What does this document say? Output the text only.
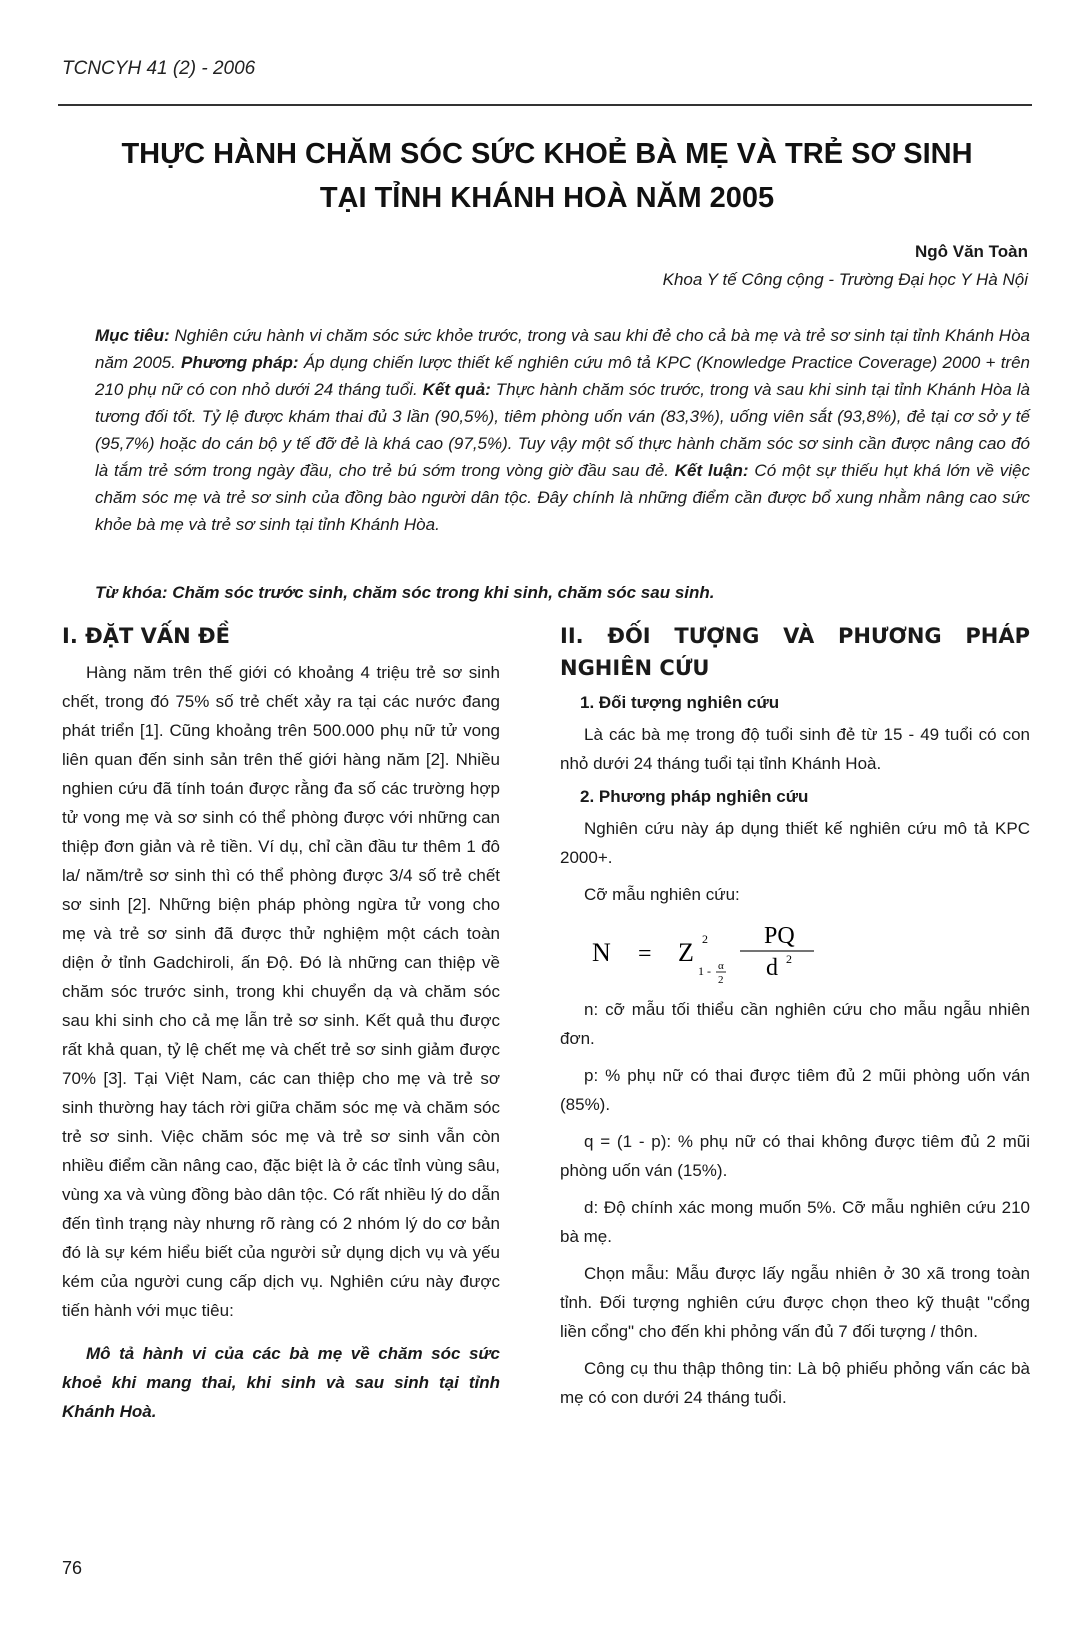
TCNCYH 41 (2) - 2006
THỰC HÀNH CHĂM SÓC SỨC KHOẺ BÀ MẸ VÀ TRẺ SƠ SINH
TẠI TỈNH KHÁNH HOÀ NĂM 2005
Ngô Văn Toàn
Khoa Y tế Công cộng - Trường Đại học Y Hà Nội
Mục tiêu: Nghiên cứu hành vi chăm sóc sức khỏe trước, trong và sau khi đẻ cho cả bà mẹ và trẻ sơ sinh tại tỉnh Khánh Hòa năm 2005. Phương pháp: Áp dụng chiến lược thiết kế nghiên cứu mô tả KPC (Knowledge Practice Coverage) 2000 + trên 210 phụ nữ có con nhỏ dưới 24 tháng tuổi. Kết quả: Thực hành chăm sóc trước, trong và sau khi sinh tại tỉnh Khánh Hòa là tương đối tốt. Tỷ lệ được khám thai đủ 3 lần (90,5%), tiêm phòng uốn ván (83,3%), uống viên sắt (93,8%), đẻ tại cơ sở y tế (95,7%) hoặc do cán bộ y tế đỡ đẻ là khá cao (97,5%). Tuy vậy một số thực hành chăm sóc sơ sinh cần được nâng cao đó là tắm trẻ sớm trong ngày đầu, cho trẻ bú sớm trong vòng giờ đầu sau đẻ. Kết luận: Có một sự thiếu hụt khá lớn về việc chăm sóc mẹ và trẻ sơ sinh của đồng bào người dân tộc. Đây chính là những điểm cần được bổ xung nhằm nâng cao sức khỏe bà mẹ và trẻ sơ sinh tại tỉnh Khánh Hòa.
Từ khóa: Chăm sóc trước sinh, chăm sóc trong khi sinh, chăm sóc sau sinh.
I. ĐẶT VẤN ĐỀ

Hàng năm trên thế giới có khoảng 4 triệu trẻ sơ sinh chết, trong đó 75% số trẻ chết xảy ra tại các nước đang phát triển [1]. Cũng khoảng trên 500.000 phụ nữ tử vong liên quan đến sinh sản trên thế giới hàng năm [2]. Nhiều nghien cứu đã tính toán được rằng đa số các trường hợp tử vong mẹ và sơ sinh có thể phòng được với những can thiệp đơn giản và rẻ tiền. Ví dụ, chỉ cần đầu tư thêm 1 đô la/ năm/trẻ sơ sinh thì có thể phòng được 3/4 số trẻ chết sơ sinh [2]. Những biện pháp phòng ngừa tử vong cho mẹ và trẻ sơ sinh đã được thử nghiệm một cách toàn diện ở tỉnh Gadchiroli, ấn Độ. Đó là những can thiệp về chăm sóc trước sinh, trong khi chuyển dạ và chăm sóc sau khi sinh cho cả mẹ lẫn trẻ sơ sinh. Kết quả thu được rất khả quan, tỷ lệ chết mẹ và chết trẻ sơ sinh giảm được 70% [3]. Tại Việt Nam, các can thiệp cho mẹ và trẻ sơ sinh thường hay tách rời giữa chăm sóc mẹ và chăm sóc trẻ sơ sinh. Việc chăm sóc mẹ và trẻ sơ sinh vẫn còn nhiều điểm cần nâng cao, đặc biệt là ở các tỉnh vùng sâu, vùng xa và vùng đồng bào dân tộc. Có rất nhiều lý do dẫn đến tình trạng này nhưng rõ ràng có 2 nhóm lý do cơ bản đó là sự kém hiểu biết của người sử dụng dịch vụ và yếu kém của người cung cấp dịch vụ. Nghiên cứu này được tiến hành với mục tiêu:

Mô tả hành vi của các bà mẹ về chăm sóc sức khoẻ khi mang thai, khi sinh và sau sinh tại tỉnh Khánh Hoà.

II. ĐỐI TƯỢNG VÀ PHƯƠNG PHÁP NGHIÊN CỨU
1. Đối tượng nghiên cứu

Là các bà mẹ trong độ tuổi sinh đẻ từ 15 - 49 tuổi có con nhỏ dưới 24 tháng tuổi tại tỉnh Khánh Hoà.

2. Phương pháp nghiên cứu

Nghiên cứu này áp dụng thiết kế nghiên cứu mô tả KPC 2000+.

Cỡ mẫu nghiên cứu:

N = Z 2
1 - α
2
PQ
d 2

n: cỡ mẫu tối thiểu cần nghiên cứu cho mẫu ngẫu nhiên đơn.

p: % phụ nữ có thai được tiêm đủ 2 mũi phòng uốn ván (85%).

q = (1 - p): % phụ nữ có thai không được tiêm đủ 2 mũi phòng uốn ván (15%).

d: Độ chính xác mong muốn 5%. Cỡ mẫu nghiên cứu 210 bà mẹ.

Chọn mẫu: Mẫu được lấy ngẫu nhiên ở 30 xã trong toàn tỉnh. Đối tượng nghiên cứu được chọn theo kỹ thuật "cổng liền cổng" cho đến khi phỏng vấn đủ 7 đối tượng / thôn.

Công cụ thu thập thông tin: Là bộ phiếu phỏng vấn các bà mẹ có con dưới 24 tháng tuổi.

76
